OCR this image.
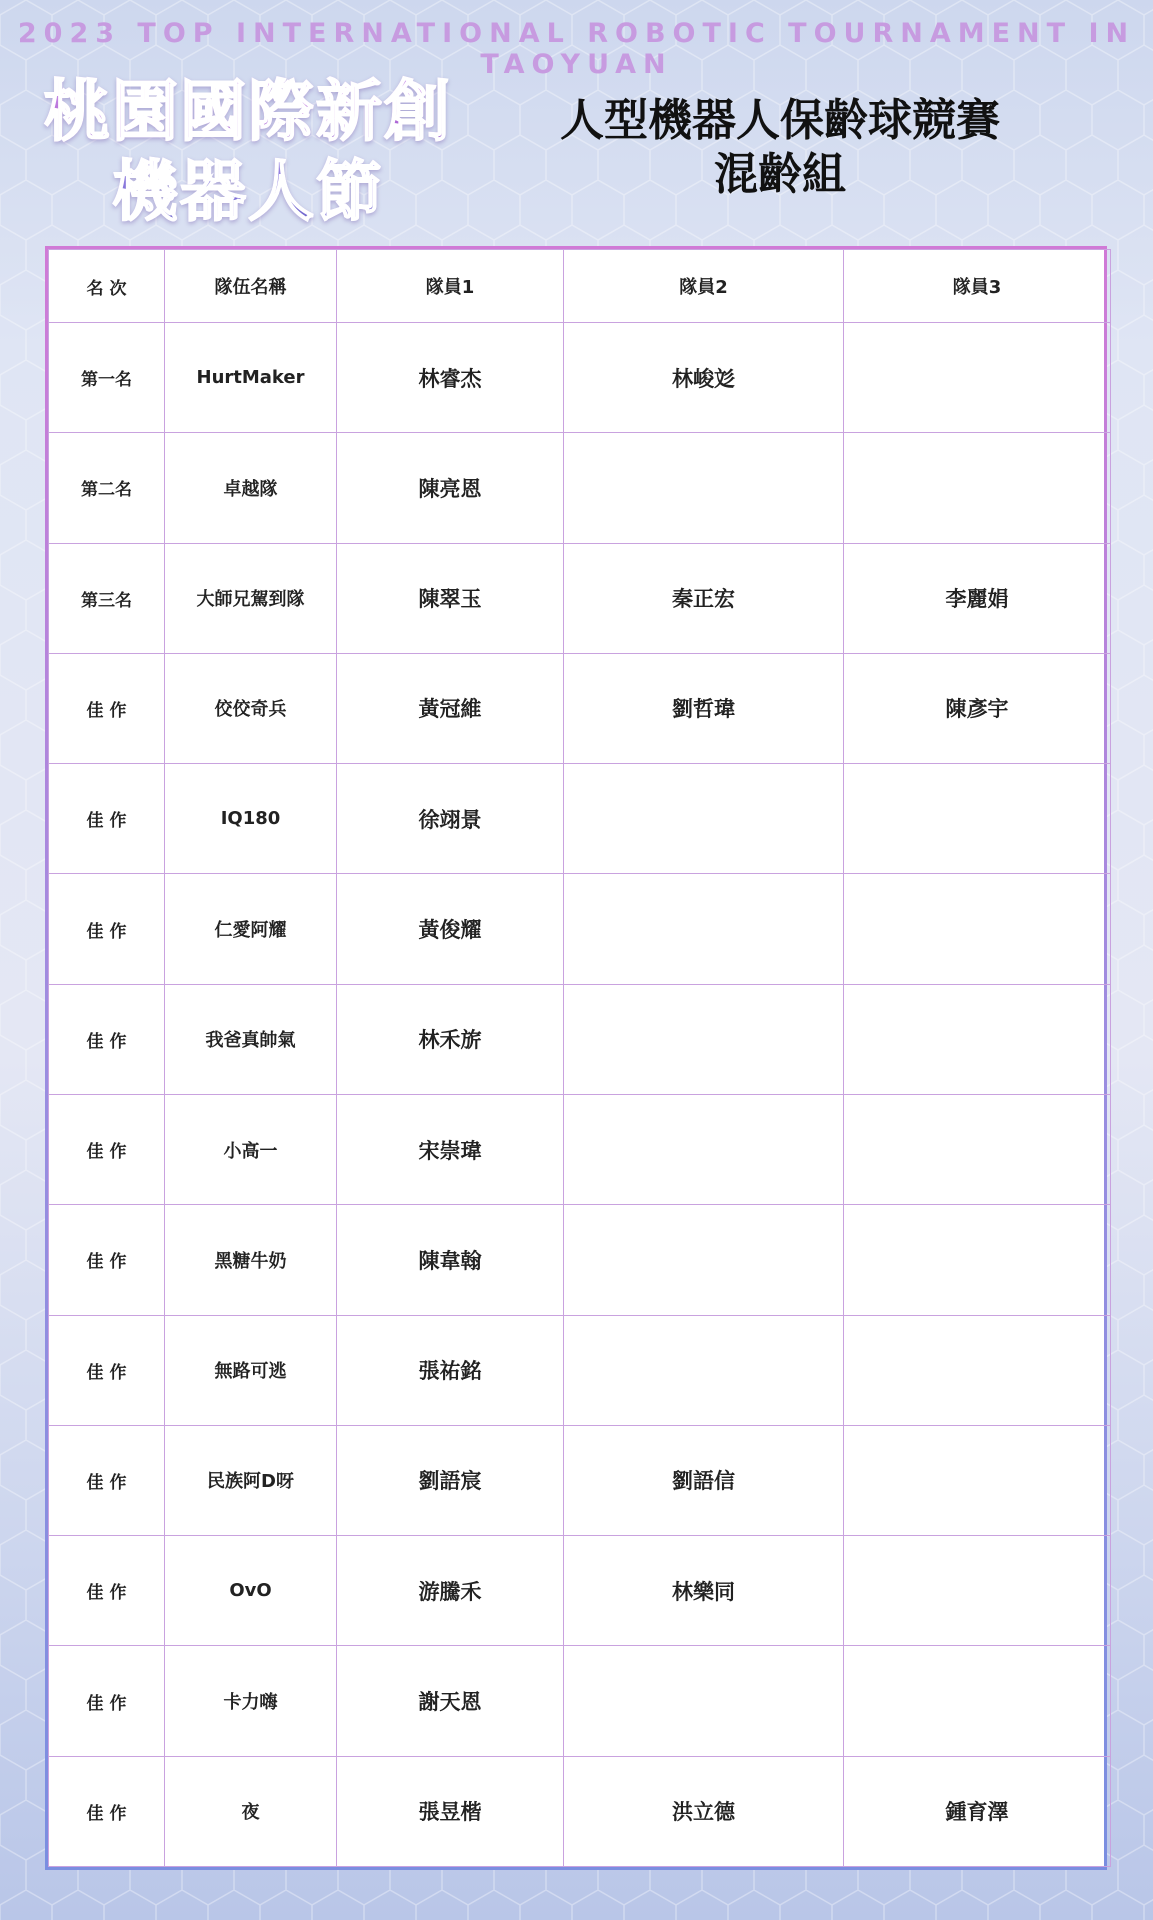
2023 TOP INTERNATIONAL ROBOTIC TOURNAMENT IN TAOYUAN
桃園國際新創
機器人節
人型機器人保齡球競賽
混齡組
名 次	隊伍名稱	隊員1	隊員2	隊員3
第一名	HurtMaker	林睿杰	林峻彣	
第二名	卓越隊	陳亮恩		
第三名	大師兄駕到隊	陳翠玉	秦正宏	李麗娟
佳 作	佼佼奇兵	黃冠維	劉哲瑋	陳彥宇
佳 作	IQ180	徐翊景		
佳 作	仁愛阿耀	黃俊耀		
佳 作	我爸真帥氣	林禾旂		
佳 作	小高一	宋崇瑋		
佳 作	黑糖牛奶	陳韋翰		
佳 作	無路可逃	張祐銘		
佳 作	民族阿D呀	劉語宸	劉語信	
佳 作	OvO	游騰禾	林樂同	
佳 作	卡力嗨	謝天恩		
佳 作	夜	張昱楷	洪立德	鍾育澤
